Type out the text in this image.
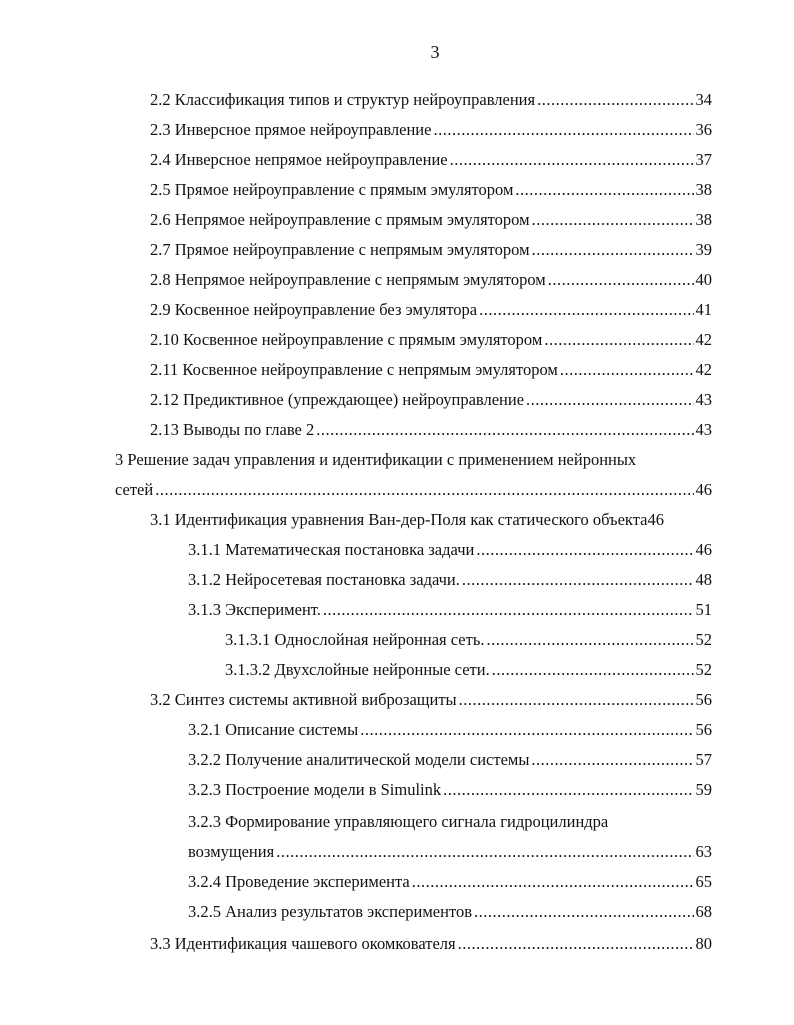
3
2.2 Классификация типов и структур нейроуправления .....	34
2.3 Инверсное прямое нейроуправление .....	36
2.4 Инверсное непрямое нейроуправление .....	37
2.5 Прямое нейроуправление с прямым эмулятором .....	38
2.6 Непрямое нейроуправление с прямым эмулятором .....	38
2.7 Прямое нейроуправление с непрямым эмулятором .....	39
2.8 Непрямое нейроуправление с непрямым эмулятором .....	40
2.9 Косвенное нейроуправление без эмулятора .....	41
2.10 Косвенное нейроуправление с прямым эмулятором .....	42
2.11 Косвенное нейроуправление с непрямым эмулятором .....	42
2.12 Предиктивное (упреждающее) нейроуправление .....	43
2.13 Выводы по главе 2 .....	43
3 Решение задач управления и идентификации с применением нейронных
сетей .....	46
3.1 Идентификация уравнения Ван-дер-Поля как статического объекта 46
3.1.1 Математическая постановка задачи .....	46
3.1.2 Нейросетевая постановка задачи. .....	48
3.1.3 Эксперимент. .....	51
3.1.3.1 Однослойная нейронная сеть. .....	52
3.1.3.2 Двухслойные нейронные сети. .....	52
3.2 Синтез системы активной виброзащиты .....	56
3.2.1 Описание системы .....	56
3.2.2 Получение аналитической модели системы .....	57
3.2.3 Построение модели в Simulink .....	59
3.2.3 Формирование управляющего сигнала гидроцилиндра
возмущения .....	63
3.2.4 Проведение эксперимента .....	65
3.2.5 Анализ результатов экспериментов .....	68
3.3 Идентификация чашевого окомкователя .....	80
